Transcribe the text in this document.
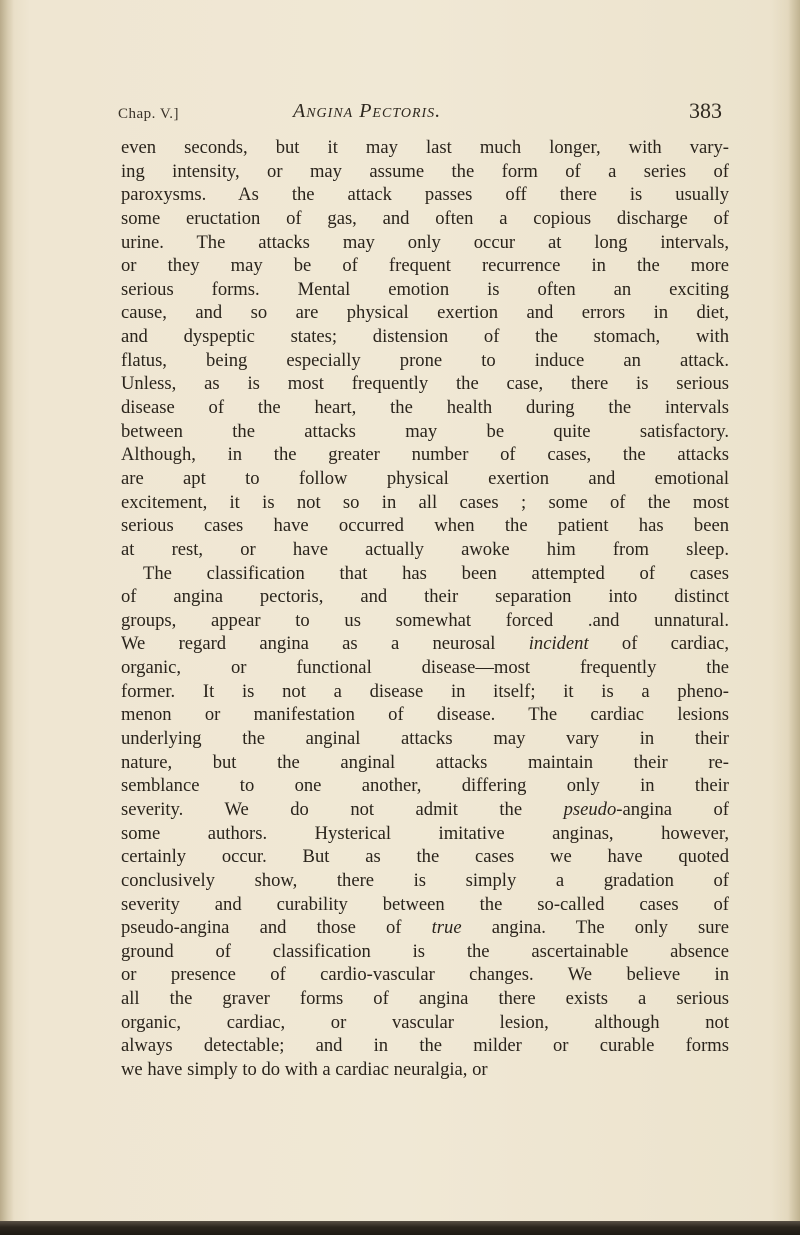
Chap. V.]	Angina Pectoris.	383
even seconds, but it may last much longer, with vary-
ing intensity, or may assume the form of a series of
paroxysms. As the attack passes off there is usually
some eructation of gas, and often a copious discharge of
urine. The attacks may only occur at long intervals,
or they may be of frequent recurrence in the more
serious forms. Mental emotion is often an exciting
cause, and so are physical exertion and errors in diet,
and dyspeptic states; distension of the stomach, with
flatus, being especially prone to induce an attack.
Unless, as is most frequently the case, there is serious
disease of the heart, the health during the intervals
between the attacks may be quite satisfactory.
Although, in the greater number of cases, the attacks
are apt to follow physical exertion and emotional
excitement, it is not so in all cases ; some of the most
serious cases have occurred when the patient has been
at rest, or have actually awoke him from sleep.
The classification that has been attempted of cases
of angina pectoris, and their separation into distinct
groups, appear to us somewhat forced .and unnatural.
We regard angina as a neurosal incident of cardiac,
organic, or functional disease—most frequently the
former. It is not a disease in itself; it is a pheno-
menon or manifestation of disease. The cardiac lesions
underlying the anginal attacks may vary in their
nature, but the anginal attacks maintain their re-
semblance to one another, differing only in their
severity. We do not admit the pseudo-angina of
some authors. Hysterical imitative anginas, however,
certainly occur. But as the cases we have quoted
conclusively show, there is simply a gradation of
severity and curability between the so-called cases of
pseudo-angina and those of true angina. The only sure
ground of classification is the ascertainable absence
or presence of cardio-vascular changes. We believe in
all the graver forms of angina there exists a serious
organic, cardiac, or vascular lesion, although not
always detectable; and in the milder or curable forms
we have simply to do with a cardiac neuralgia, or
